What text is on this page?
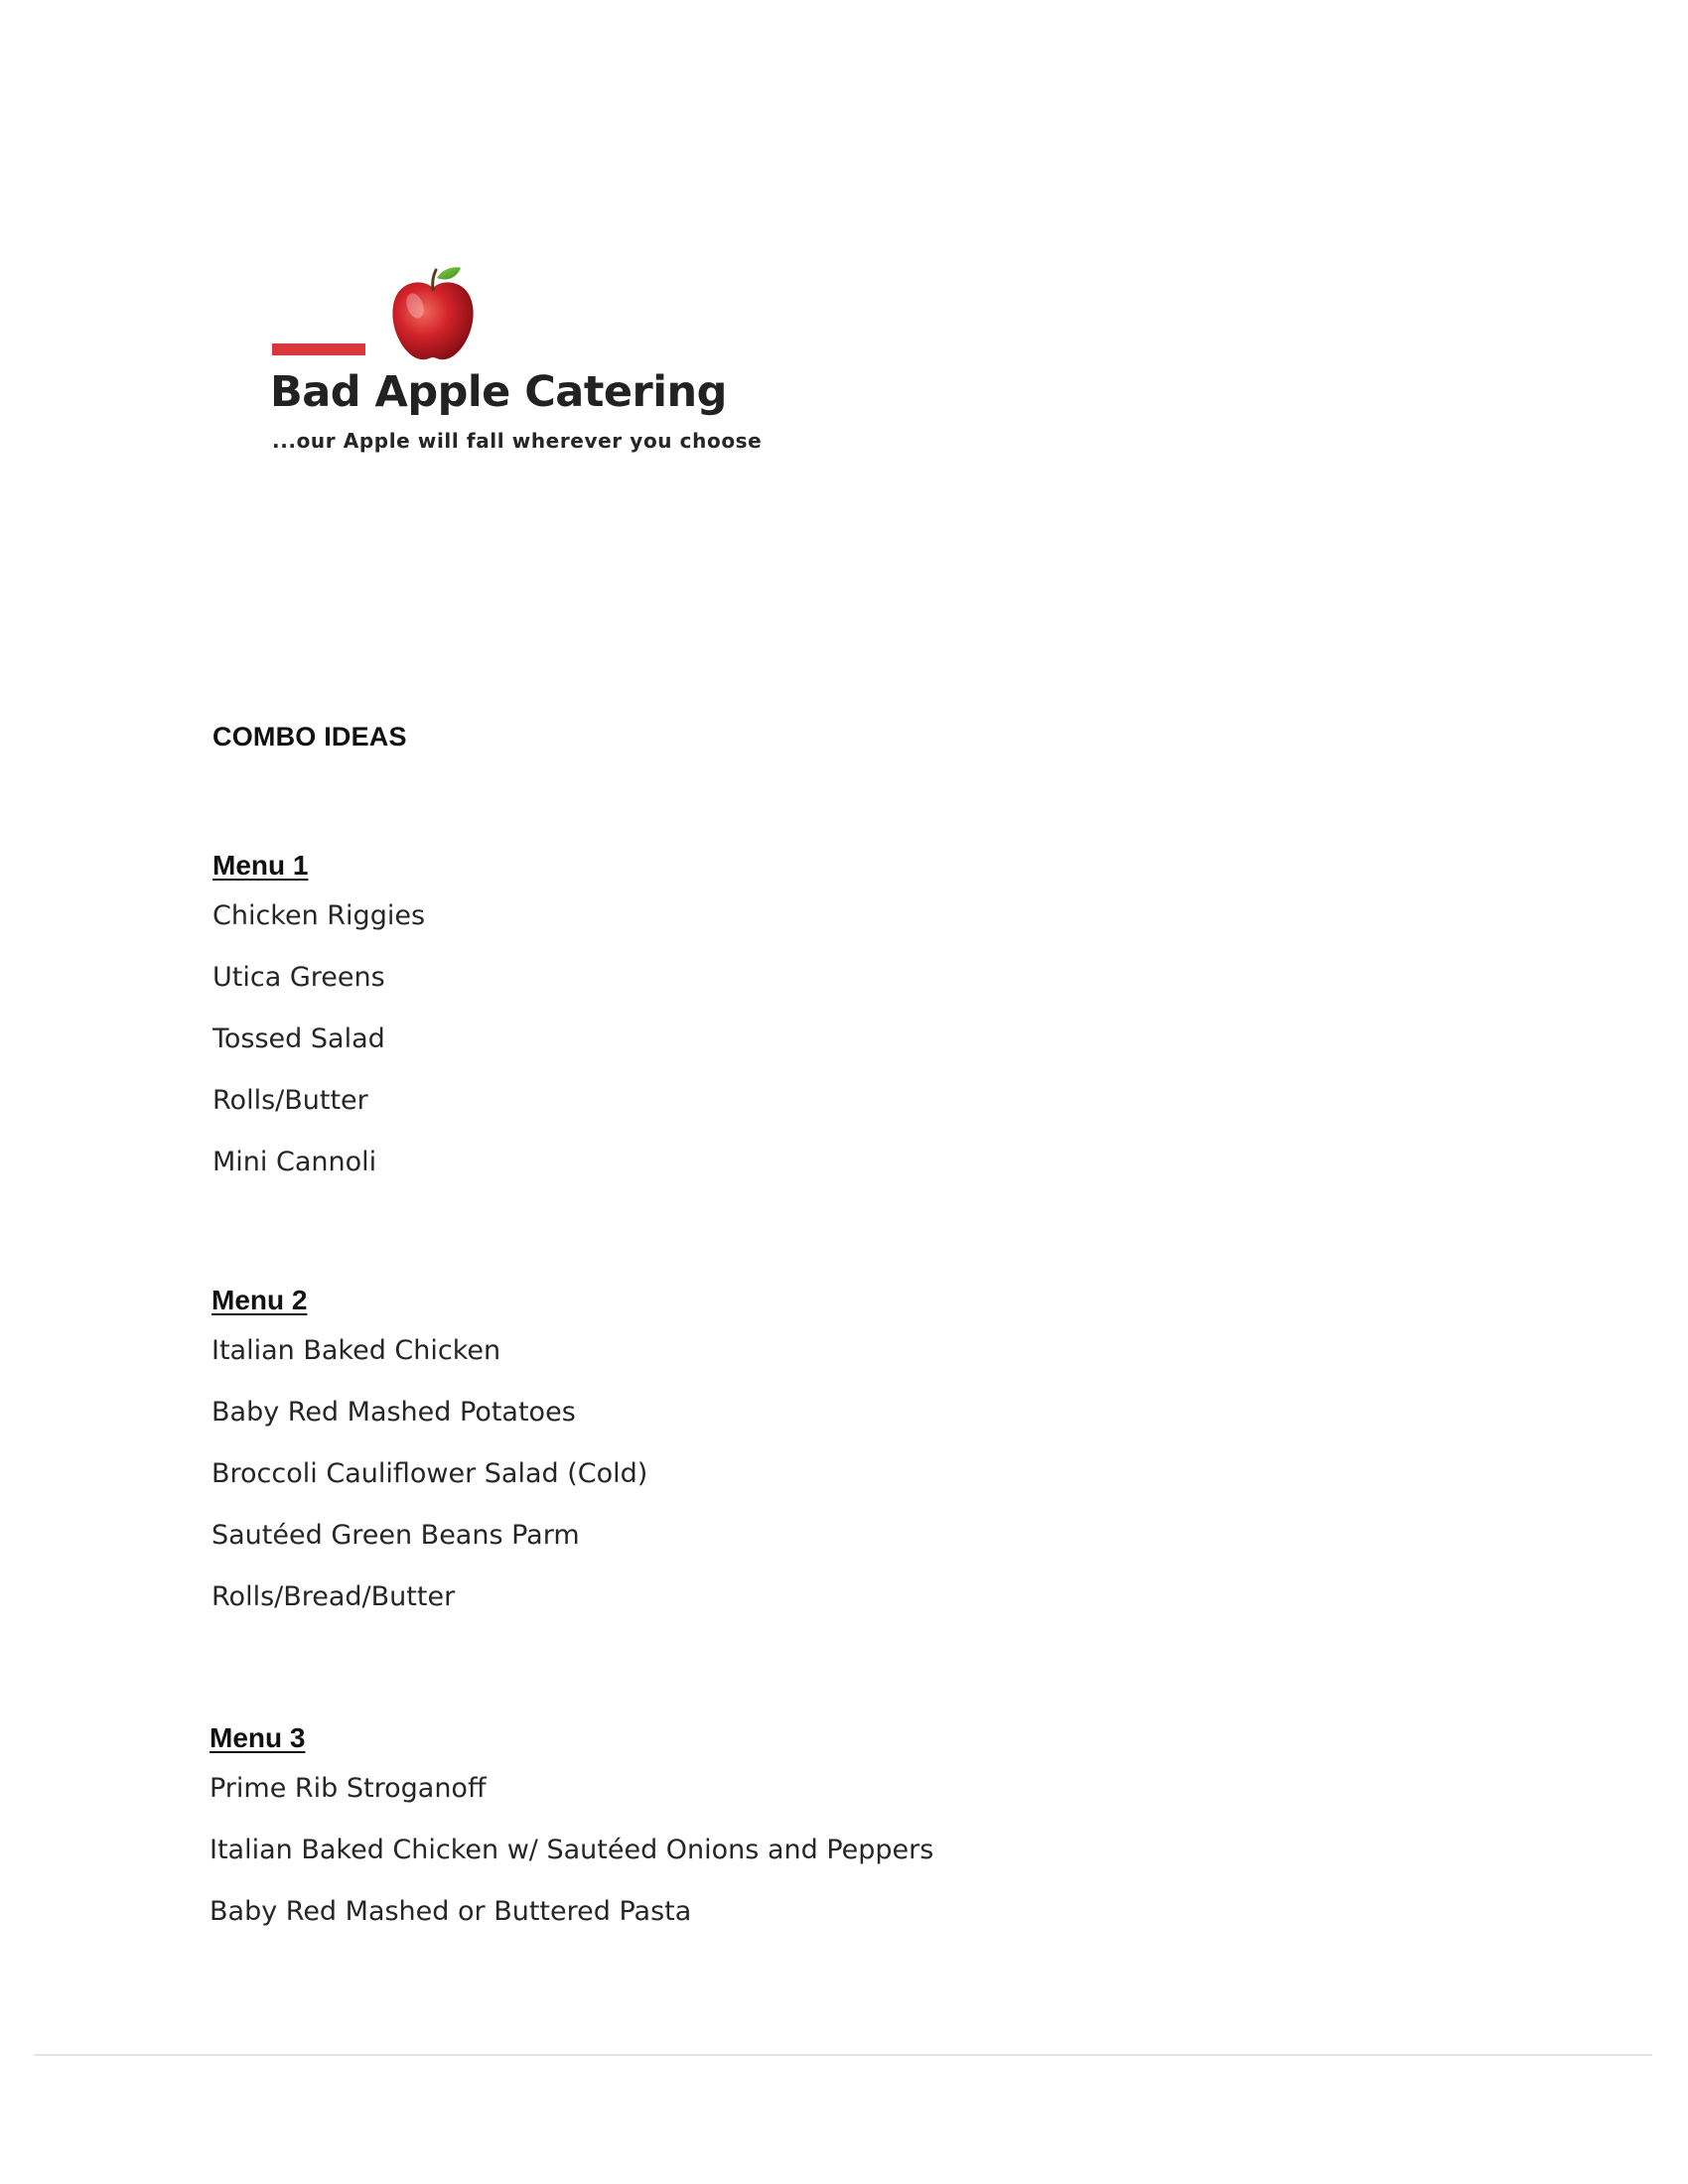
Bad Apple Catering
...our Apple will fall wherever you choose
COMBO IDEAS
Menu 1
Chicken Riggies
Utica Greens
Tossed Salad
Rolls/Butter
Mini Cannoli
Menu 2
Italian Baked Chicken
Baby Red Mashed Potatoes
Broccoli Cauliflower Salad (Cold)
Sautéed Green Beans Parm
Rolls/Bread/Butter
Menu 3
Prime Rib Stroganoff
Italian Baked Chicken w/ Sautéed Onions and Peppers
Baby Red Mashed or Buttered Pasta
